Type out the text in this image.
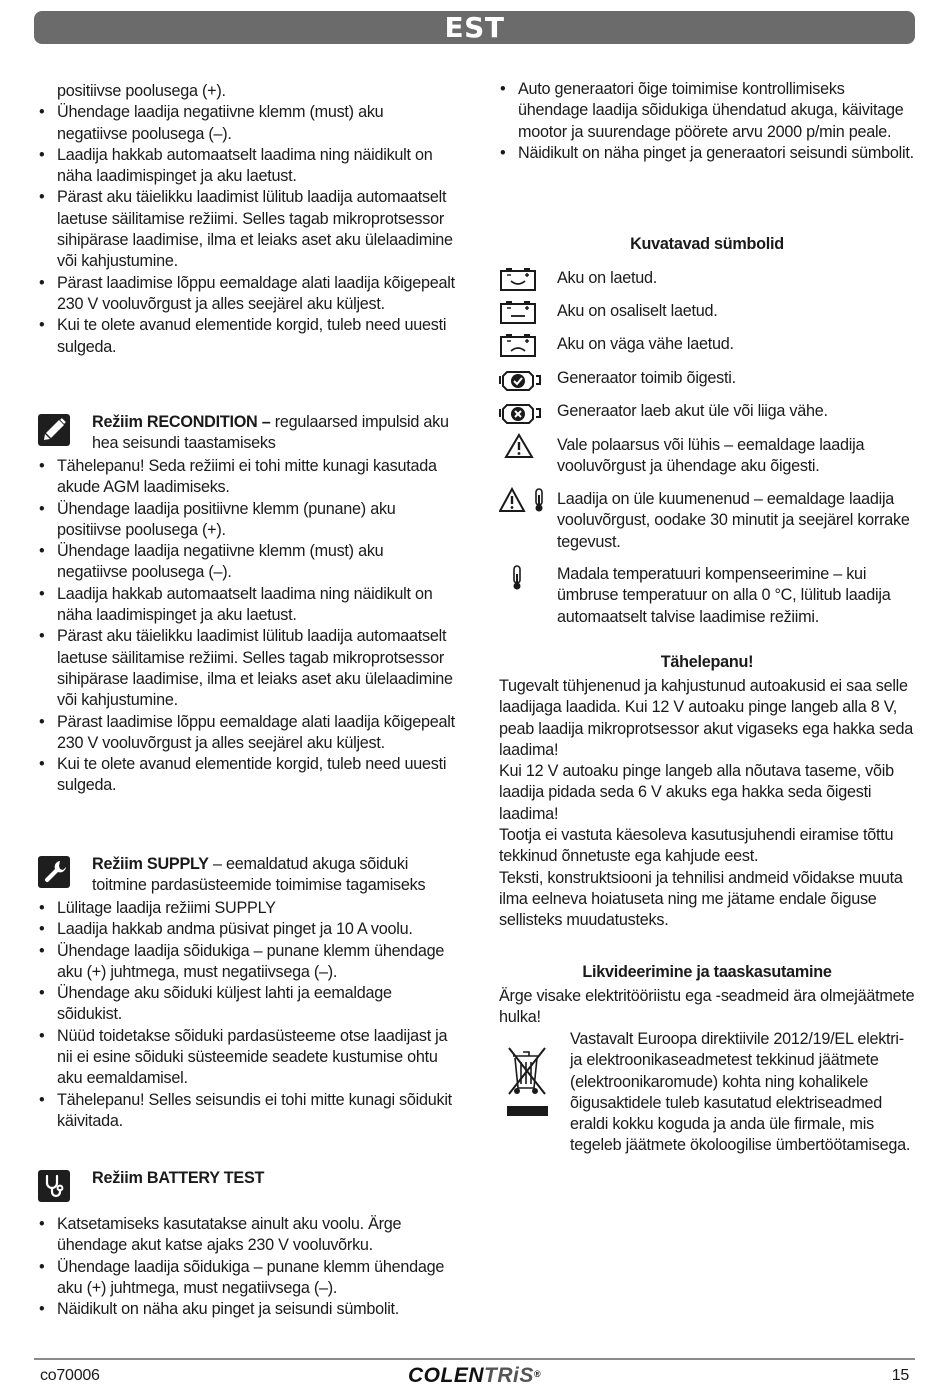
EST
positiivse poolusega (+).
• Ühendage laadija negatiivne klemm (must) aku negatiivse poolusega (–).
• Laadija hakkab automaatselt laadima ning näidikult on näha laadimispinget ja aku laetust.
• Pärast aku täielikku laadimist lülitub laadija automaatselt laetuse säilitamise režiimi. Selles tagab mikroprotsessor sihipärase laadimise, ilma et leiaks aset aku ülelaadimine või kahjustumine.
• Pärast laadimise lõppu eemaldage alati laadija kõigepealt 230 V vooluvõrgust ja alles seejärel aku küljest.
• Kui te olete avanud elementide korgid, tuleb need uuesti sulgeda.
Režiim RECONDITION – regulaarsed impulsid aku hea seisundi taastamiseks
• Tähelepanu! Seda režiimi ei tohi mitte kunagi kasutada akude AGM laadimiseks.
• Ühendage laadija positiivne klemm (punane) aku positiivse poolusega (+).
• Ühendage laadija negatiivne klemm (must) aku negatiivse poolusega (–).
• Laadija hakkab automaatselt laadima ning näidikult on näha laadimispinget ja aku laetust.
• Pärast aku täielikku laadimist lülitub laadija automaatselt laetuse säilitamise režiimi. Selles tagab mikroprotsessor sihipärase laadimise, ilma et leiaks aset aku ülelaadimine või kahjustumine.
• Pärast laadimise lõppu eemaldage alati laadija kõigepealt 230 V vooluvõrgust ja alles seejärel aku küljest.
• Kui te olete avanud elementide korgid, tuleb need uuesti sulgeda.
Režiim SUPPLY – eemaldatud akuga sõiduki toitmine pardasüsteemide toimimise tagamiseks
• Lülitage laadija režiimi SUPPLY
• Laadija hakkab andma püsivat pinget ja 10 A voolu.
• Ühendage laadija sõidukiga – punane klemm ühendage aku (+) juhtmega, must negatiivsega (–).
• Ühendage aku sõiduki küljest lahti ja eemaldage sõidukist.
• Nüüd toidetakse sõiduki pardasüsteeme otse laadijast ja nii ei esine sõiduki süsteemide seadete kustumise ohtu aku eemaldamisel.
• Tähelepanu! Selles seisundis ei tohi mitte kunagi sõidukit käivitada.
Režiim BATTERY TEST
• Katsetamiseks kasutatakse ainult aku voolu. Ärge ühendage akut katse ajaks 230 V vooluvõrku.
• Ühendage laadija sõidukiga – punane klemm ühendage aku (+) juhtmega, must negatiivsega (–).
• Näidikult on näha aku pinget ja seisundi sümbolit.
• Auto generaatori õige toimimise kontrollimiseks ühendage laadija sõidukiga ühendatud akuga, käivitage mootor ja suurendage pöörete arvu 2000 p/min peale.
• Näidikult on näha pinget ja generaatori seisundi sümbolit.
Kuvatavad sümbolid
Aku on laetud.
Aku on osaliselt laetud.
Aku on väga vähe laetud.
Generaator toimib õigesti.
Generaator laeb akut üle või liiga vähe.
Vale polaarsus või lühis – eemaldage laadija vooluvõrgust ja ühendage aku õigesti.
Laadija on üle kuumenenud – eemaldage laadija vooluvõrgust, oodake 30 minutit ja seejärel korrake tegevust.
Madala temperatuuri kompenseerimine – kui ümbruse temperatuur on alla 0 °C, lülitub laadija automaatselt talvise laadimise režiimi.
Tähelepanu!
Tugevalt tühjenenud ja kahjustunud autoakusid ei saa selle laadijaga laadida. Kui 12 V autoaku pinge langeb alla 8 V, peab laadija mikroprotsessor akut vigaseks ega hakka seda laadima!
Kui 12 V autoaku pinge langeb alla nõutava taseme, võib laadija pidada seda 6 V akuks ega hakka seda õigesti laadima!
Tootja ei vastuta käesoleva kasutusjuhendi eiramise tõttu tekkinud õnnetuste ega kahjude eest.
Teksti, konstruktsiooni ja tehnilisi andmeid võidakse muuta ilma eelneva hoiatuseta ning me jätame endale õiguse sellisteks muudatusteks.
Likvideerimine ja taaskasutamine
Ärge visake elektritööriistu ega -seadmeid ära olmejäätmete hulka!
Vastavalt Euroopa direktiivile 2012/19/EL elektri- ja elektroonikaseadmetest tekkinud jäätmete (elektroonikaromude) kohta ning kohalikele õigusaktidele tuleb kasutatud elektriseadmed eraldi kokku koguda ja anda üle firmale, mis tegeleb jäätmete ökoloogilise ümbertöötamisega.
co70006	COLENTRiS®	15
